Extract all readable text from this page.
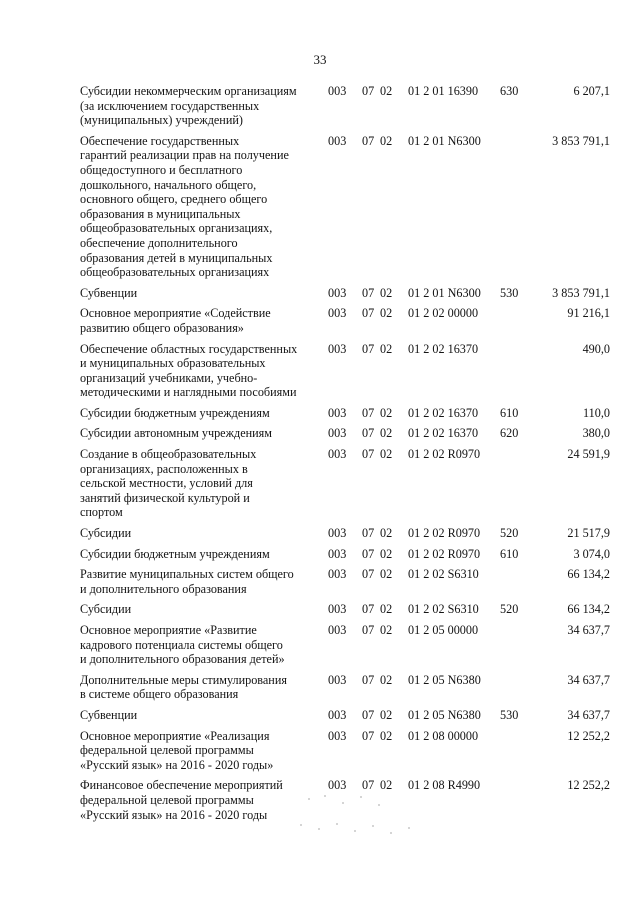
33
Субсидии некоммерческим организациям
(за исключением государственных
(муниципальных) учреждений)
003 07 02 01 2 01 16390 630	6 207,1
Обеспечение государственных
гарантий реализации прав на получение
общедоступного и бесплатного
дошкольного, начального общего,
основного общего, среднего общего
образования в муниципальных
общеобразовательных организациях,
обеспечение дополнительного
образования детей в муниципальных
общеобразовательных организациях
003 07 02 01 2 01 N6300	3 853 791,1
Субвенции	003 07 02 01 2 01 N6300 530	3 853 791,1
Основное мероприятие «Содействие
развитию общего образования»
003 07 02 01 2 02 00000	91 216,1
Обеспечение областных государственных
и муниципальных образовательных
организаций учебниками, учебно-
методическими и наглядными пособиями
003 07 02 01 2 02 16370	490,0
Субсидии бюджетным учреждениям	003 07 02 01 2 02 16370 610	110,0
Субсидии автономным учреждениям	003 07 02 01 2 02 16370 620	380,0
Создание в общеобразовательных
организациях, расположенных в
сельской местности, условий для
занятий физической культурой и
спортом
003 07 02 01 2 02 R0970	24 591,9
Субсидии	003 07 02 01 2 02 R0970 520	21 517,9
Субсидии бюджетным учреждениям	003 07 02 01 2 02 R0970 610	3 074,0
Развитие муниципальных систем общего
и дополнительного образования
003 07 02 01 2 02 S6310	66 134,2
Субсидии	003 07 02 01 2 02 S6310 520	66 134,2
Основное мероприятие «Развитие
кадрового потенциала системы общего
и дополнительного образования детей»
003 07 02 01 2 05 00000	34 637,7
Дополнительные меры стимулирования
в системе общего образования
003 07 02 01 2 05 N6380	34 637,7
Субвенции	003 07 02 01 2 05 N6380 530	34 637,7
Основное мероприятие «Реализация
федеральной целевой программы
«Русский язык» на 2016 - 2020 годы»
003 07 02 01 2 08 00000	12 252,2
Финансовое обеспечение мероприятий
федеральной целевой программы
«Русский язык» на 2016 - 2020 годы
003 07 02 01 2 08 R4990	12 252,2
